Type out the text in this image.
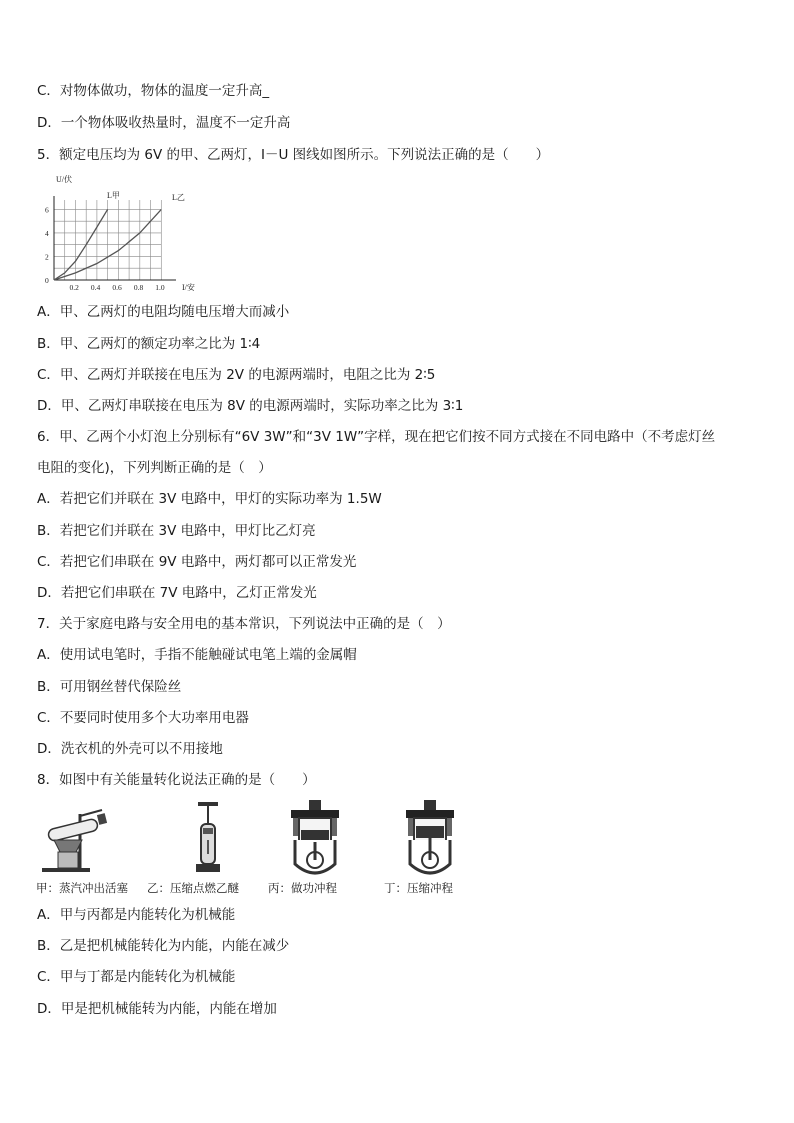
C．对物体做功，物体的温度一定升高_
D．一个物体吸收热量时，温度不一定升高
5．额定电压均为 6V 的甲、乙两灯，I－U 图线如图所示。下列说法正确的是（　　）
U/伏
I/安
L甲	L乙
0.2 0.4 0.6 0.8 1.0
0
2
4
6
A．甲、乙两灯的电阻均随电压增大而减小
B．甲、乙两灯的额定功率之比为 1∶4
C．甲、乙两灯并联接在电压为 2V 的电源两端时，电阻之比为 2∶5
D．甲、乙两灯串联接在电压为 8V 的电源两端时，实际功率之比为 3∶1
6．甲、乙两个小灯泡上分别标有“6V 3W”和“3V 1W”字样，现在把它们按不同方式接在不同电路中（不考虑灯丝
电阻的变化)，下列判断正确的是（　）
A．若把它们并联在 3V 电路中，甲灯的实际功率为 1.5W
B．若把它们并联在 3V 电路中，甲灯比乙灯亮
C．若把它们串联在 9V 电路中，两灯都可以正常发光
D．若把它们串联在 7V 电路中，乙灯正常发光
7．关于家庭电路与安全用电的基本常识，下列说法中正确的是（　）
A．使用试电笔时，手指不能触碰试电笔上端的金属帽
B．可用钢丝替代保险丝
C．不要同时使用多个大功率用电器
D．洗衣机的外壳可以不用接地
8．如图中有关能量转化说法正确的是（　　）
甲：蒸汽冲出活塞 乙：压缩点燃乙醚	丙：做功冲程	丁：压缩冲程
A．甲与丙都是内能转化为机械能
B．乙是把机械能转化为内能，内能在减少
C．甲与丁都是内能转化为机械能
D．甲是把机械能转为内能，内能在增加
